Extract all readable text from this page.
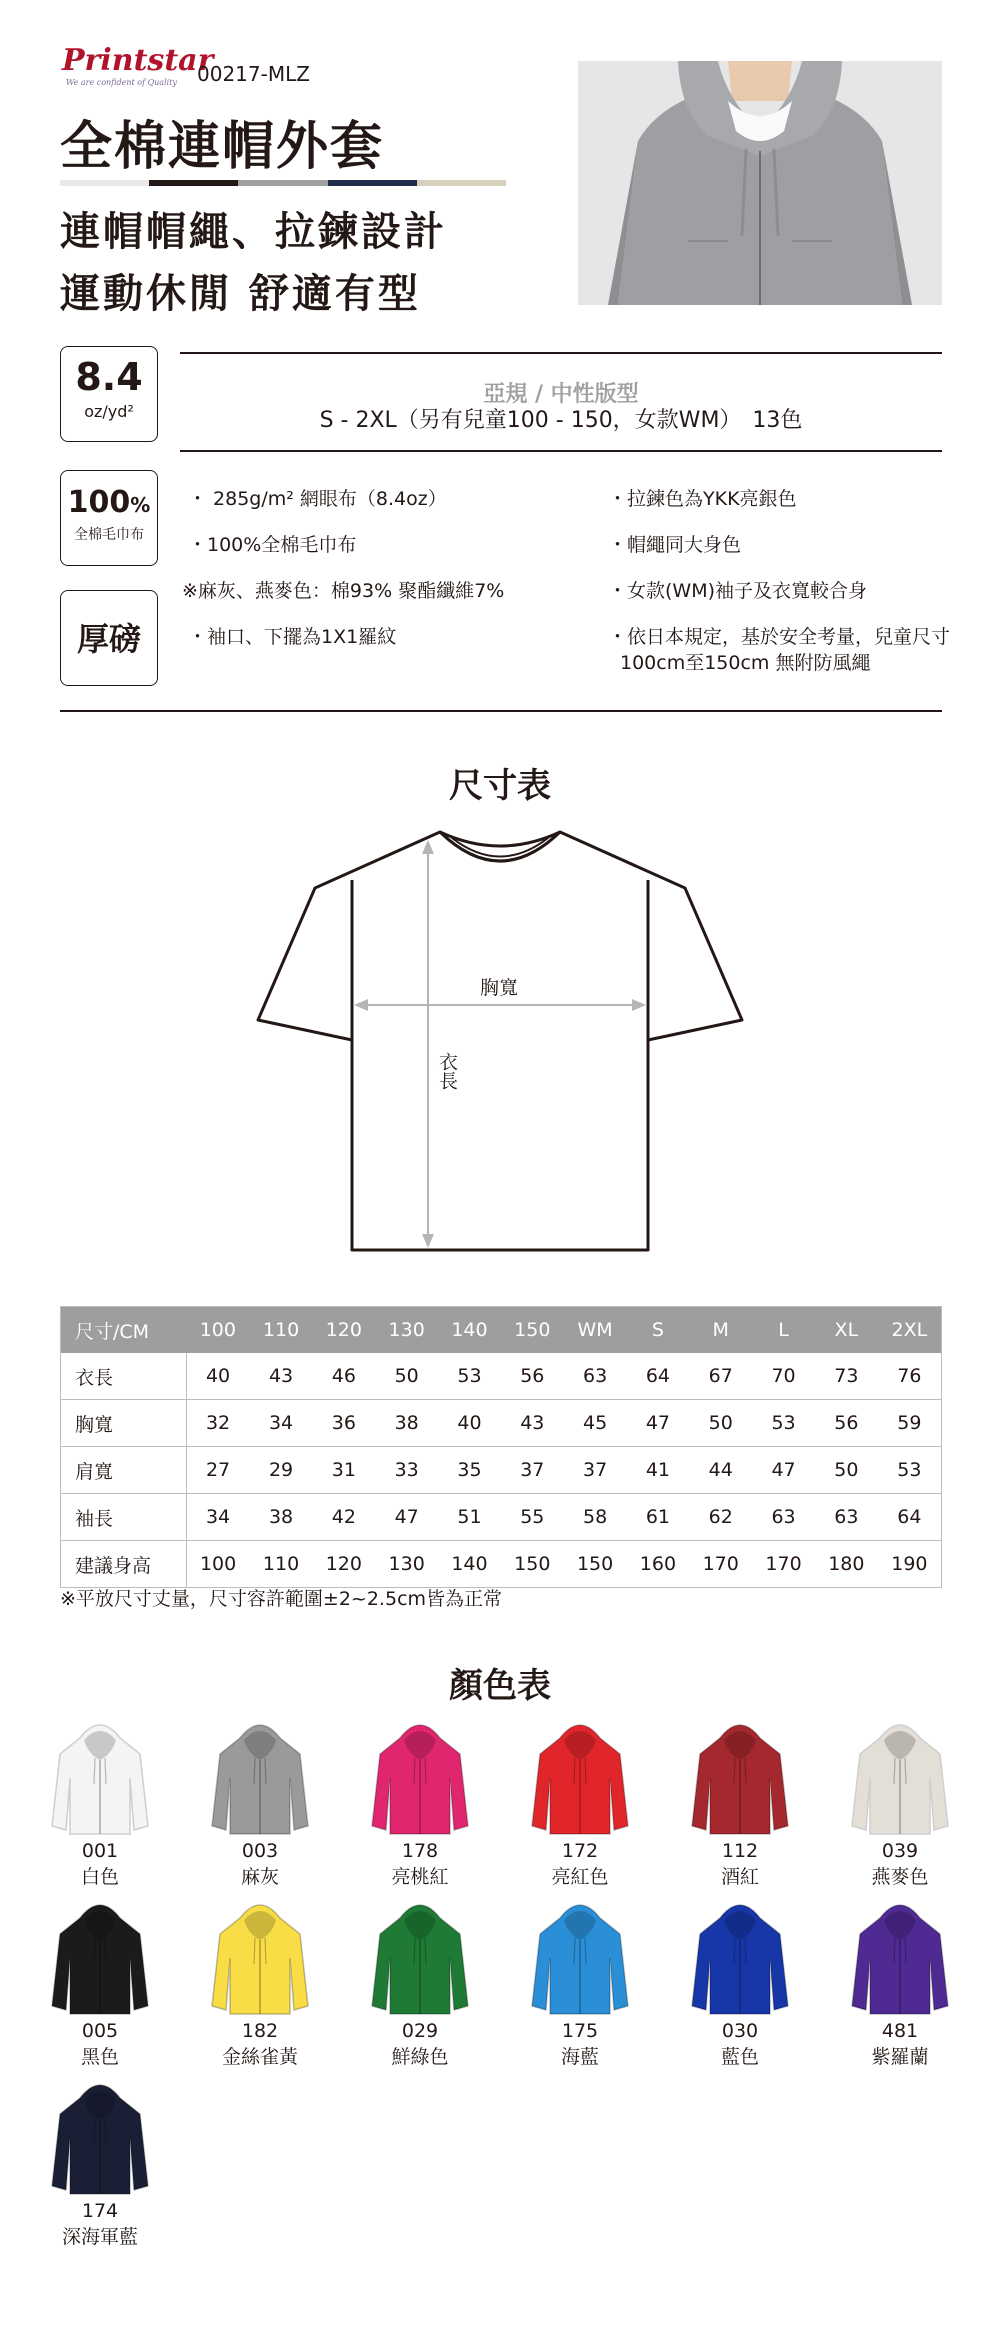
Printstar
We are confident of Quality 00217-MLZ
全棉連帽外套
連帽帽繩、拉鍊設計
運動休閒 舒適有型
8.4
oz/yd²
100%
全棉毛巾布
厚磅
亞規 / 中性版型
S - 2XL（另有兒童100 - 150，女款WM）　13色
・ 285g/m² 網眼布（8.4oz）
・100%全棉毛巾布
※麻灰、燕麥色：棉93% 聚酯纖維7%
・袖口、下擺為1X1羅紋
・拉鍊色為YKK亮銀色
・帽繩同大身色
・女款(WM)袖子及衣寬較合身
・依日本規定，基於安全考量，兒童尺寸
100cm至150cm 無附防風繩
尺寸表
胸寬
衣長
尺寸/CM	100	110	120	130	140	150	WM	S	M	L	XL	2XL
衣長	40	43	46	50	53	56	63	64	67	70	73	76
胸寬	32	34	36	38	40	43	45	47	50	53	56	59
肩寬	27	29	31	33	35	37	37	41	44	47	50	53
袖長	34	38	42	47	51	55	58	61	62	63	63	64
建議身高	100	110	120	130	140	150	150	160	170	170	180	190
※平放尺寸丈量，尺寸容許範圍±2~2.5cm皆為正常
顏色表
001
白色
003
麻灰
178
亮桃紅
172
亮紅色
112
酒紅
039
燕麥色
005
黑色
182
金絲雀黃
029
鮮綠色
175
海藍
030
藍色
481
紫羅蘭
174
深海軍藍
